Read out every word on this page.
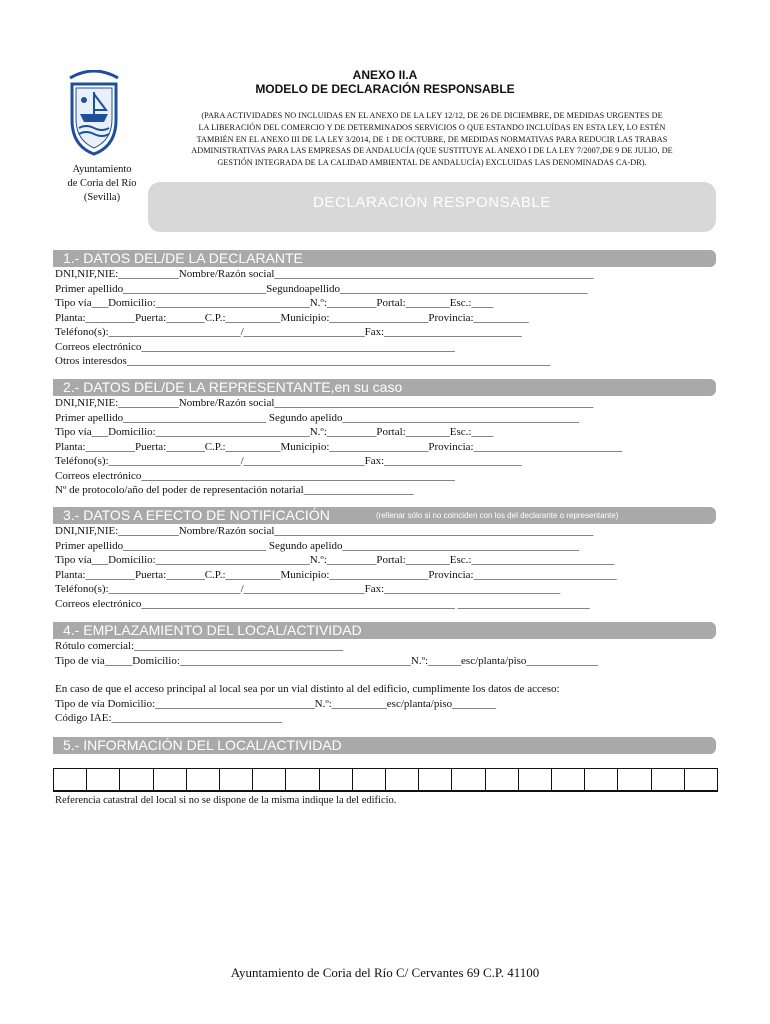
Ayuntamiento
de Coria del Río
(Sevilla)
ANEXO II.A
MODELO DE DECLARACIÓN RESPONSABLE
(PARA ACTIVIDADES NO INCLUIDAS EN EL ANEXO DE LA LEY 12/12, DE 26 DE DICIEMBRE, DE MEDIDAS URGENTES DE
LA LIBERACIÓN DEL COMERCIO Y DE DETERMINADOS SERVICIOS O QUE ESTANDO INCLUÍDAS EN ESTA LEY, LO ESTÉN
TAMBIÉN EN EL ANEXO III DE LA LEY 3/2014, DE 1 DE OCTUBRE, DE MEDIDAS NORMATIVAS PARA REDUCIR LAS TRABAS
ADMINISTRATIVAS PARA LAS EMPRESAS DE ANDALUCÍA (QUE SUSTITUYE AL ANEXO I DE LA LEY 7/2007,DE 9 DE JULIO, DE
GESTIÓN INTEGRADA DE LA CALIDAD AMBIENTAL DE ANDALUCÍA) EXCLUIDAS LAS DENOMINADAS CA-DR).
DECLARACIÓN RESPONSABLE
1.- DATOS DEL/DE LA DECLARANTE
DNI,NIF,NIE:___________Nombre/Razón social__________________________________________________________
Primer apellido__________________________Segundoapellido_____________________________________________
Tipo vía___Domicilio:____________________________N.º:_________Portal:________Esc.:____
Planta:_________Puerta:_______C.P.:__________Municipio:__________________Provincia:__________
Teléfono(s):________________________/______________________Fax:_________________________
Correos electrónico_________________________________________________________
Otros interesdos_____________________________________________________________________________
2.- DATOS DEL/DE LA REPRESENTANTE,en su caso
DNI,NIF,NIE:___________Nombre/Razón social__________________________________________________________
Primer apellido__________________________ Segundo apelido___________________________________________
Tipo vía___Domicilio:____________________________N.º:_________Portal:________Esc.:____
Planta:_________Puerta:_______C.P.:__________Municipio:__________________Provincia:___________________________
Teléfono(s):________________________/______________________Fax:_________________________
Correos electrónico_________________________________________________________
Nº de protocolo/año del poder de representación notarial____________________
3.- DATOS A EFECTO DE NOTIFICACIÓN	(rellenar sólo si no coinciden con los del declarante o representante)
DNI,NIF,NIE:___________Nombre/Razón social__________________________________________________________
Primer apellido__________________________ Segundo apelido___________________________________________
Tipo vía___Domicilio:____________________________N.º:_________Portal:________Esc.:__________________________
Planta:_________Puerta:_______C.P.:__________Municipio:__________________Provincia:__________________________
Teléfono(s):________________________/______________________Fax:________________________________
Correos electrónico_________________________________________________________ ________________________
4.- EMPLAZAMIENTO DEL LOCAL/ACTIVIDAD
Rótulo comercial:______________________________________
Tipo de vía_____Domicilio:__________________________________________N.º:______esc/planta/piso_____________
En caso de que el acceso principal al local sea por un vial distinto al del edificio, cumplimente los datos de acceso:
Tipo de vía Domicilio:_____________________________N.º:__________esc/planta/piso________
Código IAE:_______________________________
5.- INFORMACIÓN DEL LOCAL/ACTIVIDAD
Referencia catastral del local si no se dispone de la misma indique la del edificio.
Ayuntamiento de Coria del Río C/ Cervantes 69 C.P. 41100
